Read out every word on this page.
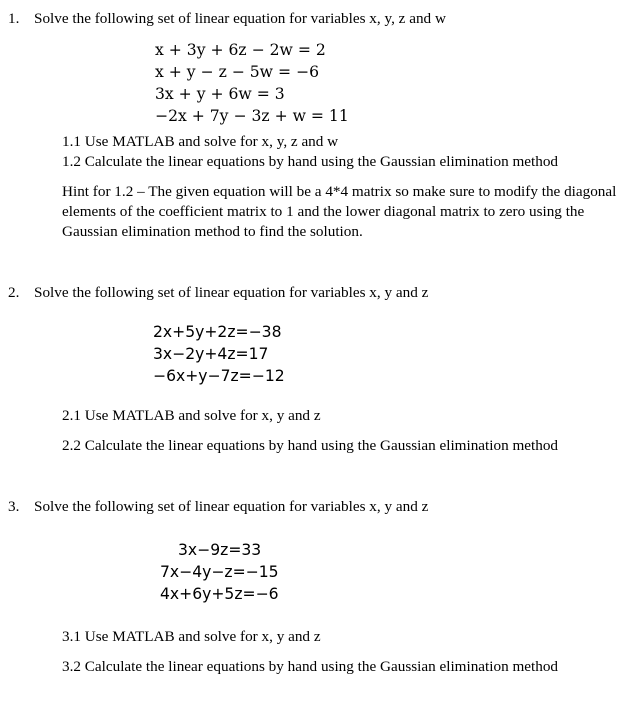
1. Solve the following set of linear equation for variables x, y, z and w
x + 3y + 6z − 2w = 2
x + y − z − 5w = −6
3x + y + 6w = 3
−2x + 7y − 3z + w = 11
1.1 Use MATLAB and solve for x, y, z and w
1.2 Calculate the linear equations by hand using the Gaussian elimination method
Hint for 1.2 – The given equation will be a 4*4 matrix so make sure to modify the diagonal elements of the coefficient matrix to 1 and the lower diagonal matrix to zero using the Gaussian elimination method to find the solution.
2. Solve the following set of linear equation for variables x, y and z
2x+5y+2z=−38
3x−2y+4z=17
−6x+y−7z=−12
2.1 Use MATLAB and solve for x, y and z
2.2 Calculate the linear equations by hand using the Gaussian elimination method
3. Solve the following set of linear equation for variables x, y and z
3x−9z=33
7x−4y−z=−15
4x+6y+5z=−6
3.1 Use MATLAB and solve for x, y and z
3.2 Calculate the linear equations by hand using the Gaussian elimination method
